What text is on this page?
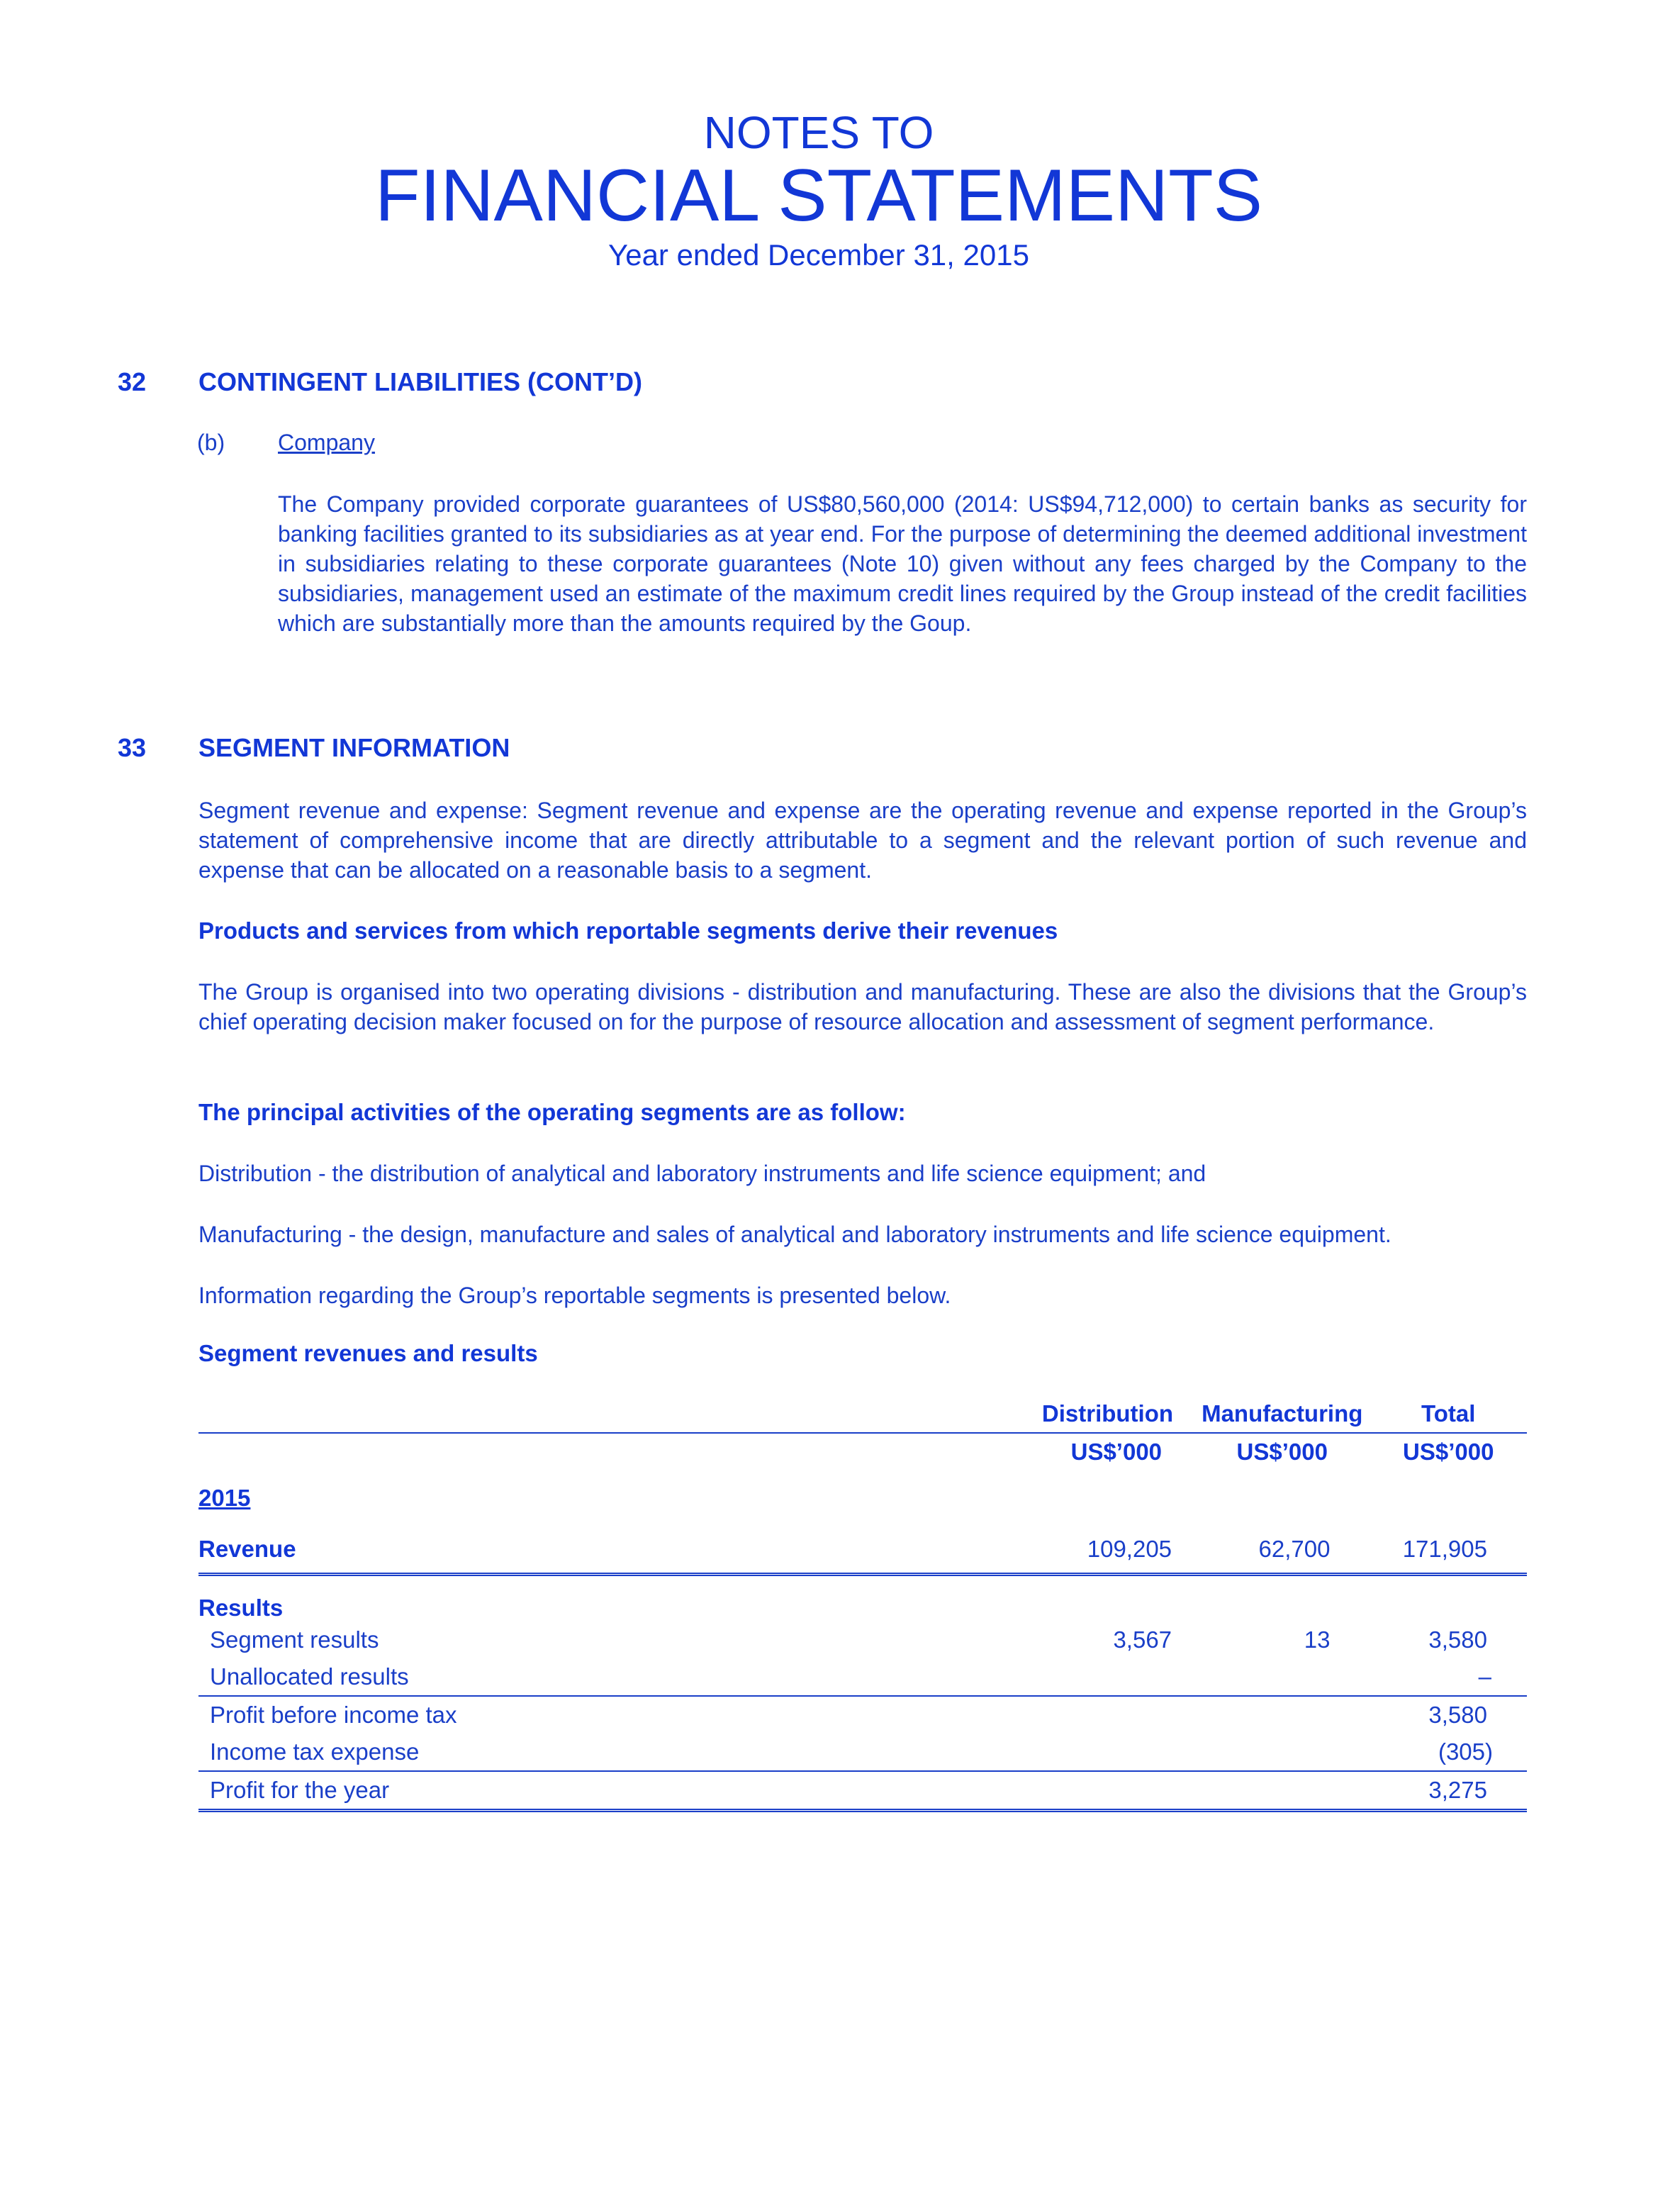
NOTES TO
FINANCIAL STATEMENTS
Year ended December 31, 2015
32 CONTINGENT LIABILITIES (CONT’D)
(b) Company
The Company provided corporate guarantees of US$80,560,000 (2014: US$94,712,000) to certain banks as security for banking facilities granted to its subsidiaries as at year end. For the purpose of determining the deemed additional investment in subsidiaries relating to these corporate guarantees (Note 10) given without any fees charged by the Company to the subsidiaries, management used an estimate of the maximum credit lines required by the Group instead of the credit facilities which are substantially more than the amounts required by the Goup.
33 SEGMENT INFORMATION
Segment revenue and expense: Segment revenue and expense are the operating revenue and expense reported in the Group’s statement of comprehensive income that are directly attributable to a segment and the relevant portion of such revenue and expense that can be allocated on a reasonable basis to a segment.
Products and services from which reportable segments derive their revenues
The Group is organised into two operating divisions - distribution and manufacturing. These are also the divisions that the Group’s chief operating decision maker focused on for the purpose of resource allocation and assessment of segment performance.
The principal activities of the operating segments are as follow:
Distribution - the distribution of analytical and laboratory instruments and life science equipment; and
Manufacturing - the design, manufacture and sales of analytical and laboratory instruments and life science equipment.
Information regarding the Group’s reportable segments is presented below.
Segment revenues and results
	Distribution	Manufacturing	Total
	US$’000	US$’000	US$’000
2015			
Revenue	109,205	62,700	171,905
Results			
Segment results	3,567	13	3,580
Unallocated results			–
Profit before income tax			3,580
Income tax expense			(305)
Profit for the year			3,275
